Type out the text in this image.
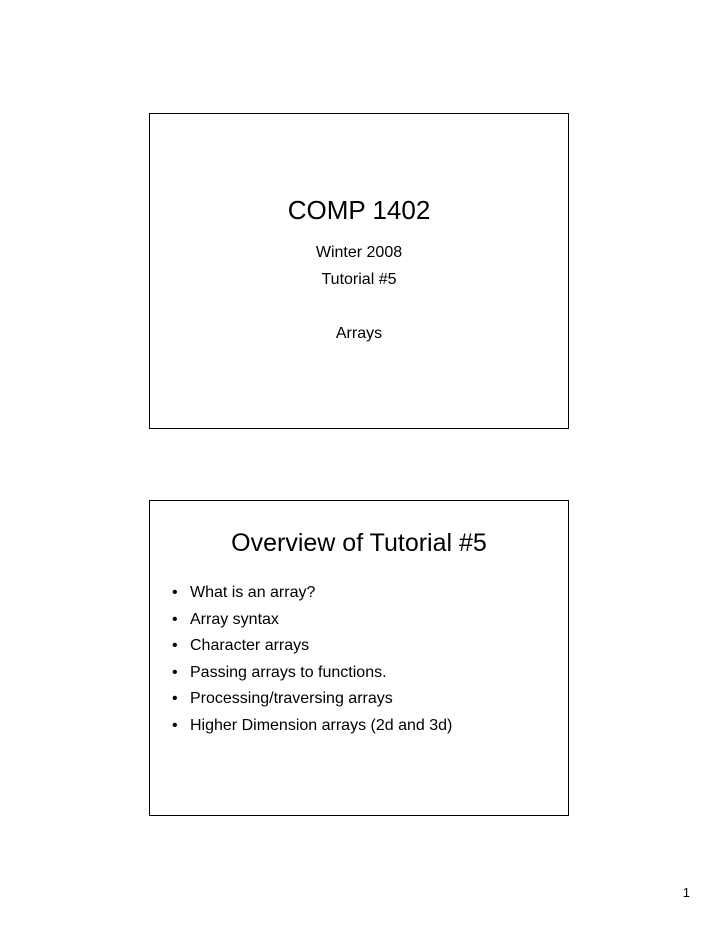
COMP 1402
Winter 2008
Tutorial #5
Arrays
Overview of Tutorial #5
• What is an array?
• Array syntax
• Character arrays
• Passing arrays to functions.
• Processing/traversing arrays
• Higher Dimension arrays (2d and 3d)
1
